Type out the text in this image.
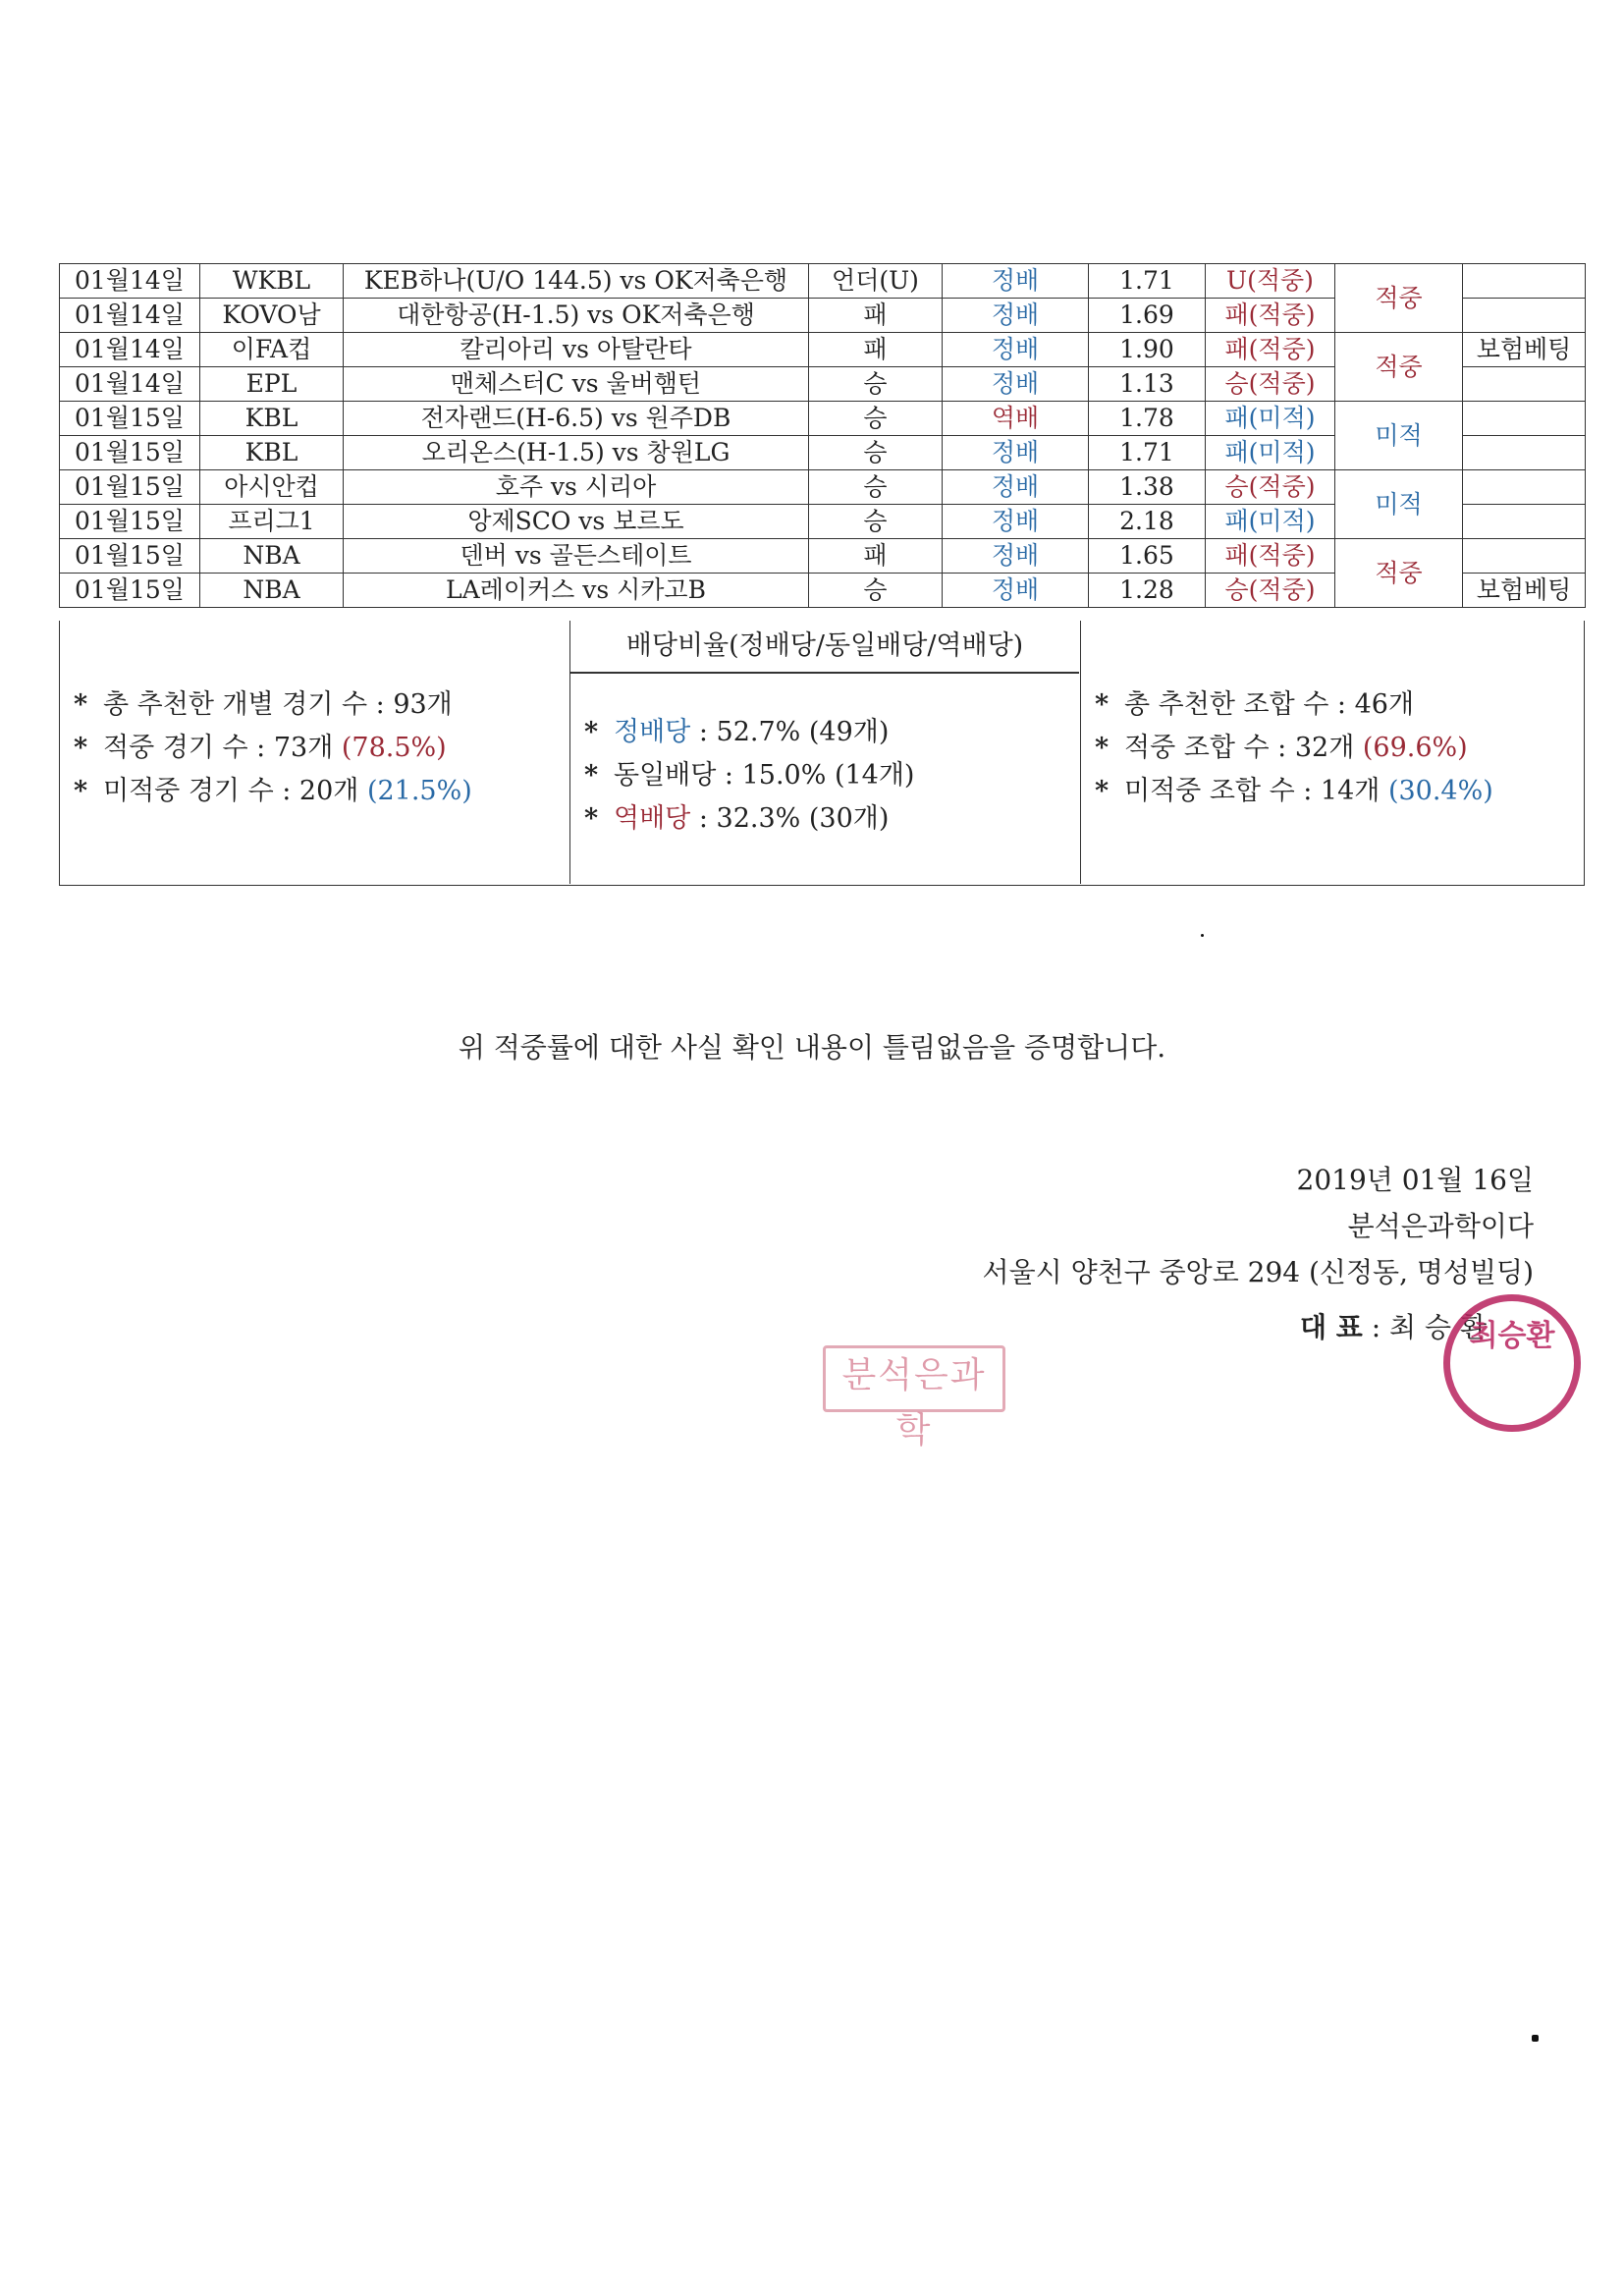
01월14일	WKBL	KEB하나(U/O 144.5) vs OK저축은행	언더(U)	정배	1.71	U(적중)	적중	
01월14일	KOVO남	대한항공(H-1.5) vs OK저축은행	패	정배	1.69	패(적중)		
01월14일	이FA컵	칼리아리 vs 아탈란타	패	정배	1.90	패(적중)	적중	보험베팅
01월14일	EPL	맨체스터C vs 울버햄턴	승	정배	1.13	승(적중)		
01월15일	KBL	전자랜드(H-6.5) vs 원주DB	승	역배	1.78	패(미적)	미적	
01월15일	KBL	오리온스(H-1.5) vs 창원LG	승	정배	1.71	패(미적)		
01월15일	아시안컵	호주 vs 시리아	승	정배	1.38	승(적중)	미적	
01월15일	프리그1	앙제SCO vs 보르도	승	정배	2.18	패(미적)		
01월15일	NBA	덴버 vs 골든스테이트	패	정배	1.65	패(적중)	적중	
01월15일	NBA	LA레이커스 vs 시카고B	승	정배	1.28	승(적중)		보험베팅
* 총 추천한 개별 경기 수 : 93개
* 적중 경기 수 : 73개 (78.5%)
* 미적중 경기 수 : 20개 (21.5%)
배당비율(정배당/동일배당/역배당)
* 정배당 : 52.7% (49개)
* 동일배당 : 15.0% (14개)
* 역배당 : 32.3% (30개)
* 총 추천한 조합 수 : 46개
* 적중 조합 수 : 32개 (69.6%)
* 미적중 조합 수 : 14개 (30.4%)
위 적중률에 대한 사실 확인 내용이 틀림없음을 증명합니다.
2019년 01월 16일
분석은과학이다
서울시 양천구 중앙로 294 (신정동, 명성빌딩)
대 표 : 최 승 환
분석은과학
최승환
